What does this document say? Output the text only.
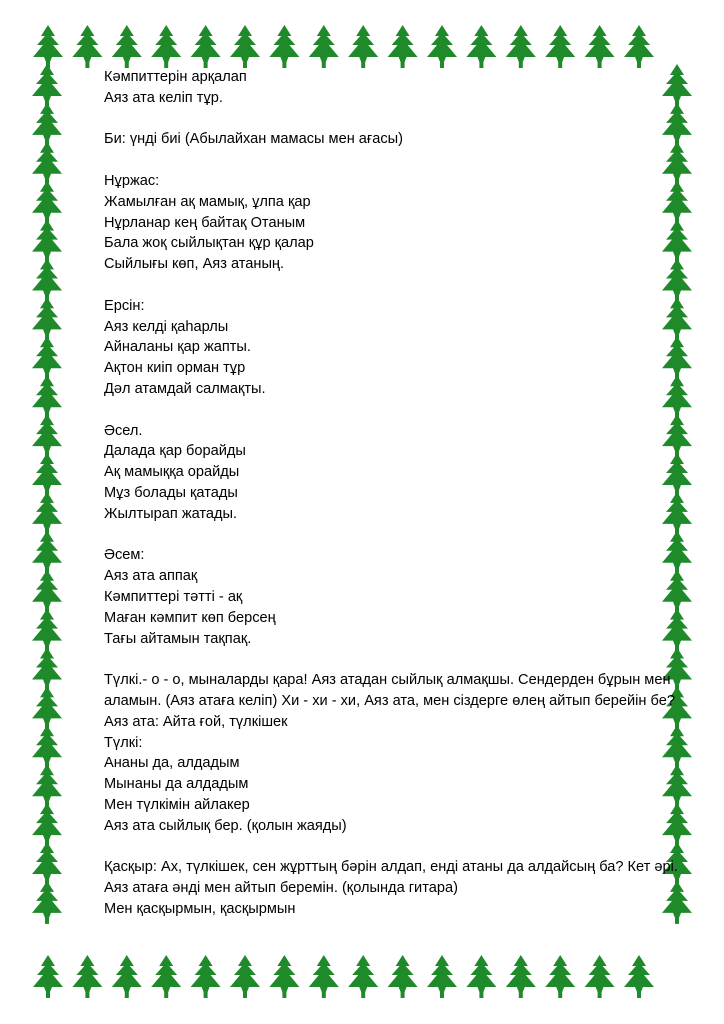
Кәмпиттерін арқалап
Аяз ата келіп тұр.
Би: үнді биі (Абылайхан мамасы мен ағасы)
Нұржас:
Жамылған ақ мамық, ұлпа қар
Нұрланар кең байтақ Отаным
Бала жоқ сыйлықтан құр қалар
Сыйлығы көп, Аяз атаның.
Ерсін:
Аяз келді қаһарлы
Айналаны қар жапты.
Ақтон киіп орман тұр
Дәл атамдай салмақты.
Әсел.
Далада қар борайды
Ақ мамыққа орайды
Мұз болады қатады
Жылтырап жатады.
Әсем:
Аяз ата аппақ
Кәмпиттері тәтті - ақ
Маған кәмпит көп берсең
Тағы айтамын тақпақ.
Түлкі.- о - о, мыналарды қара! Аяз атадан сыйлық алмақшы. Сендерден бұрын мен аламын. (Аяз атаға келіп) Хи - хи - хи, Аяз ата, мен сіздерге өлең айтып берейін бе?
Аяз ата: Айта ғой, түлкішек
Түлкі:
Ананы да, алдадым
Мынаны да алдадым
Мен түлкімін айлакер
Аяз ата сыйлық бер. (қолын жаяды)
Қасқыр: Ах, түлкішек, сен жұрттың бәрін алдап, енді атаны да алдайсың ба? Кет әрі. Аяз атаға әнді мен айтып беремін. (қолында гитара)
Мен қасқырмын, қасқырмын
